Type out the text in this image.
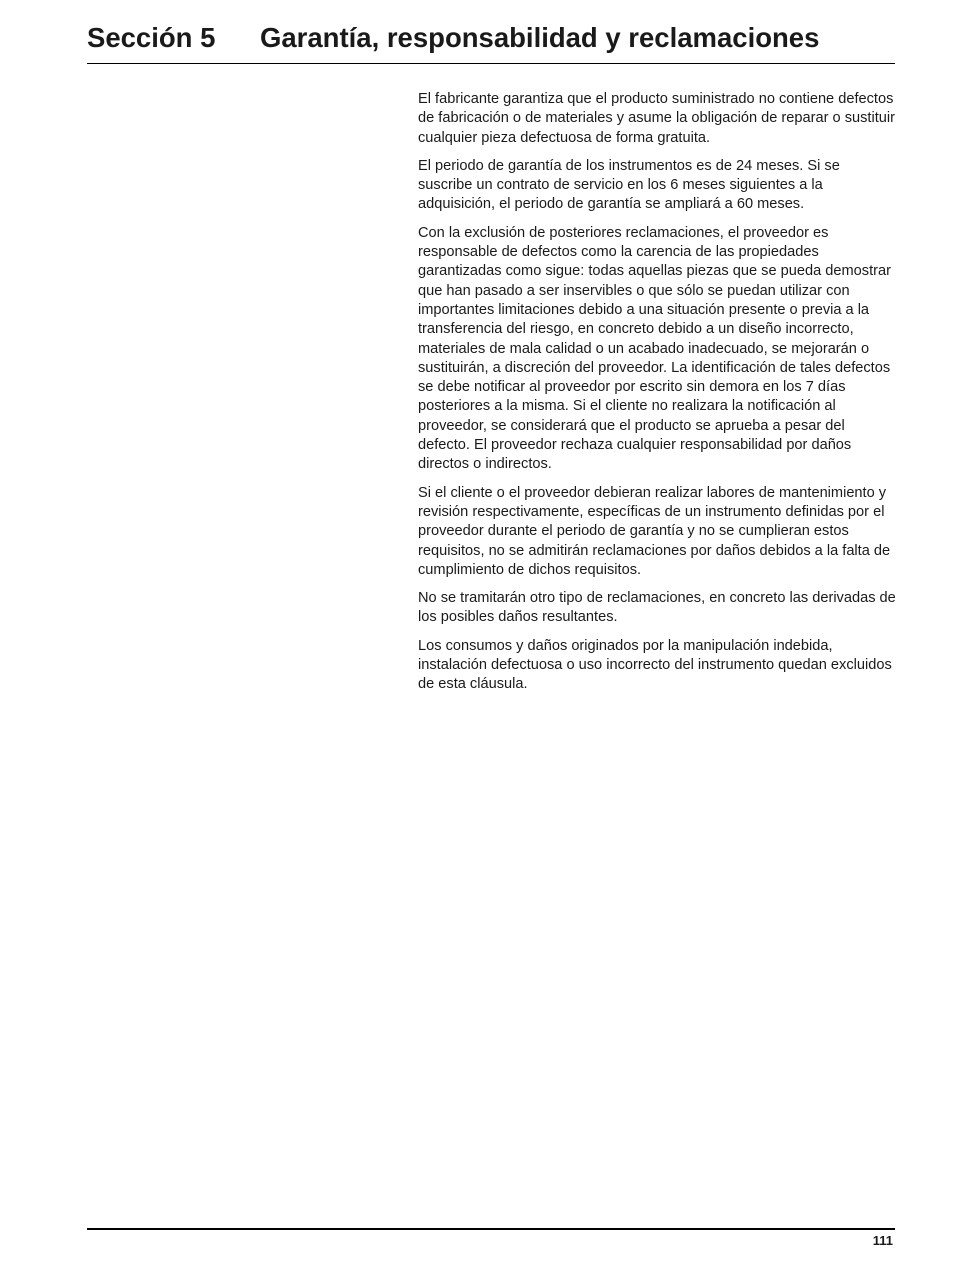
Sección 5 Garantía, responsabilidad y reclamaciones

El fabricante garantiza que el producto suministrado no contiene defectos de fabricación o de materiales y asume la obligación de reparar o sustituir cualquier pieza defectuosa de forma gratuita.

El periodo de garantía de los instrumentos es de 24 meses. Si se suscribe un contrato de servicio en los 6 meses siguientes a la adquisición, el periodo de garantía se ampliará a 60 meses.

Con la exclusión de posteriores reclamaciones, el proveedor es responsable de defectos como la carencia de las propiedades garantizadas como sigue: todas aquellas piezas que se pueda demostrar que han pasado a ser inservibles o que sólo se puedan utilizar con importantes limitaciones debido a una situación presente o previa a la transferencia del riesgo, en concreto debido a un diseño incorrecto, materiales de mala calidad o un acabado inadecuado, se mejorarán o sustituirán, a discreción del proveedor. La identificación de tales defectos se debe notificar al proveedor por escrito sin demora en los 7 días posteriores a la misma. Si el cliente no realizara la notificación al proveedor, se considerará que el producto se aprueba a pesar del defecto. El proveedor rechaza cualquier responsabilidad por daños directos o indirectos.

Si el cliente o el proveedor debieran realizar labores de mantenimiento y revisión respectivamente, específicas de un instrumento definidas por el proveedor durante el periodo de garantía y no se cumplieran estos requisitos, no se admitirán reclamaciones por daños debidos a la falta de cumplimiento de dichos requisitos.

No se tramitarán otro tipo de reclamaciones, en concreto las derivadas de los posibles daños resultantes.

Los consumos y daños originados por la manipulación indebida, instalación defectuosa o uso incorrecto del instrumento quedan excluidos de esta cláusula.

111
